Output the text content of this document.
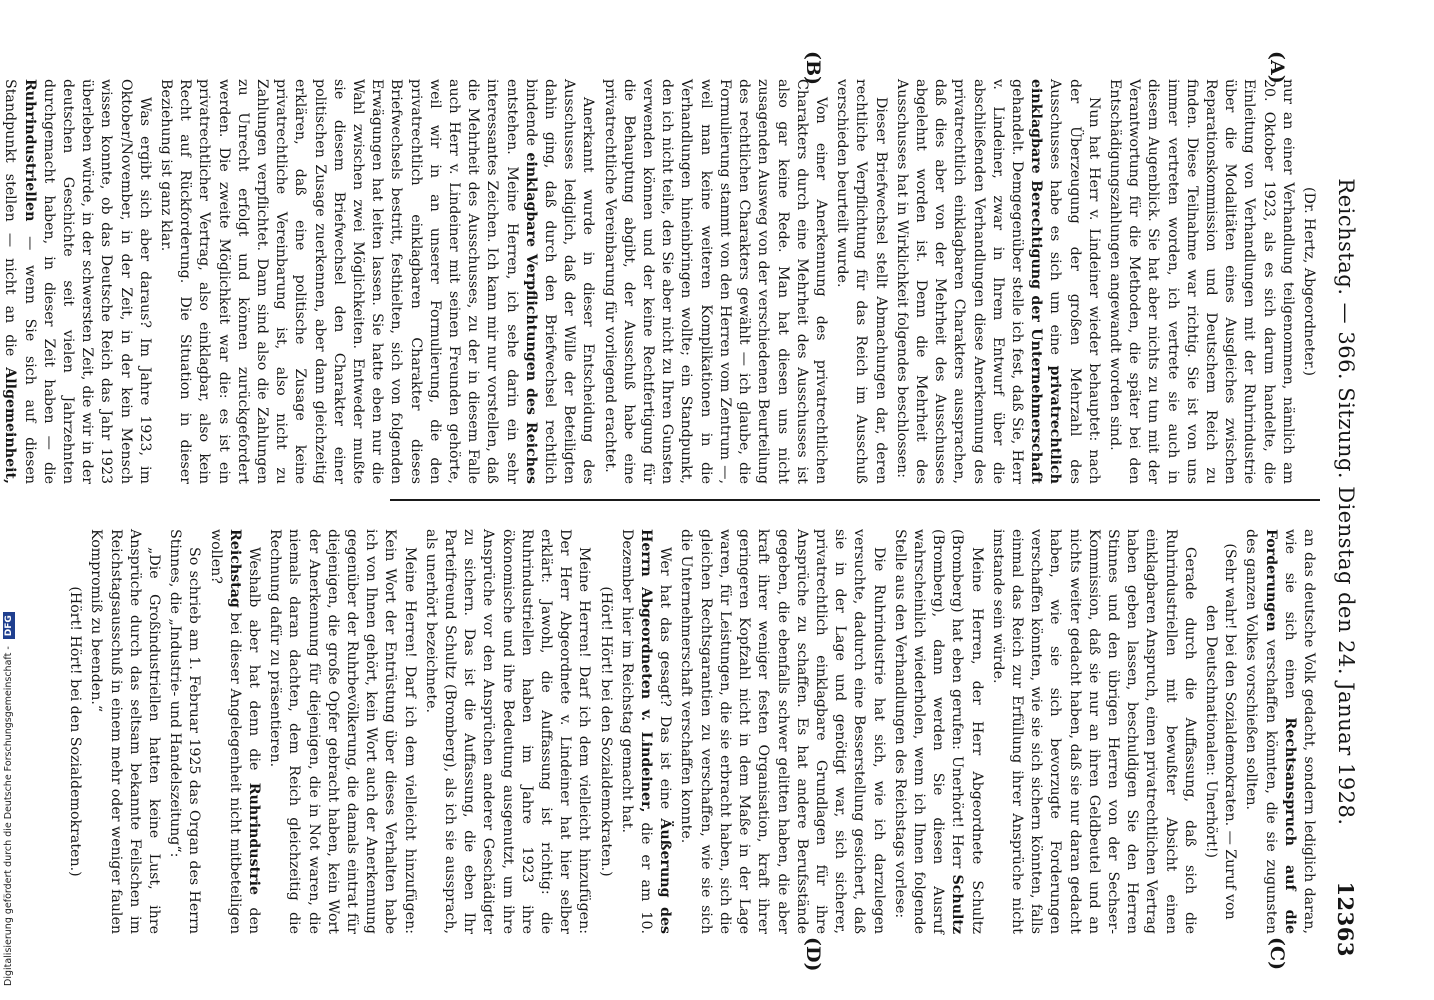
Reichstag. — 366. Sitzung. Dienstag den 24. Januar 1928.
12363
(A)
(B)
(C)
(D)

(Dr. Hertz, Abgeordneter.)

nur an einer Verhandlung teilgenommen, nämlich am 20. Oktober 1923, als es sich darum handelte, die Einleitung von Verhandlungen mit der Ruhrindustrie über die Modalitäten eines Ausgleiches zwischen Reparationskommission und Deutschem Reich zu finden. Diese Teilnahme war richtig. Sie ist von uns immer vertreten worden, ich vertrete sie auch in diesem Augenblick. Sie hat aber nichts zu tun mit der Verantwortung für die Methoden, die später bei den Entschädigungszahlungen angewandt worden sind.

Nun hat Herr v. Lindeiner wieder behauptet: nach der Überzeugung der großen Mehrzahl des Ausschusses habe es sich um eine privatrechtlich einklagbare Berechtigung der Unternehmerschaft gehandelt. Demgegenüber stelle ich fest, daß Sie, Herr v. Lindeiner, zwar in Ihrem Entwurf über die abschließenden Verhandlungen diese Anerkennung des privatrechtlich einklagbaren Charakters aussprachen, daß dies aber von der Mehrheit des Ausschusses abgelehnt worden ist. Denn die Mehrheit des Ausschusses hat in Wirklichkeit folgendes beschlossen:

Dieser Briefwechsel stellt Abmachungen dar, deren rechtliche Verpflichtung für das Reich im Ausschuß verschieden beurteilt wurde.

Von einer Anerkennung des privatrechtlichen Charakters durch eine Mehrheit des Ausschusses ist also gar keine Rede. Man hat diesen uns nicht zusagenden Ausweg von der verschiedenen Beurteilung des rechtlichen Charakters gewählt — ich glaube, die Formulierung stammt von den Herren vom Zentrum —, weil man keine weiteren Komplikationen in die Verhandlungen hineinbringen wollte; ein Standpunkt, den ich nicht teile, den Sie aber nicht zu Ihren Gunsten verwenden können und der keine Rechtfertigung für die Behauptung abgibt, der Ausschuß habe eine privatrechtliche Vereinbarung für vorliegend erachtet.

Anerkannt wurde in dieser Entscheidung des Ausschusses lediglich, daß der Wille der Beteiligten dahin ging, daß durch den Briefwechsel rechtlich bindende einklagbare Verpflichtungen des Reiches entstehen. Meine Herren, ich sehe darin ein sehr interessantes Zeichen. Ich kann mir nur vorstellen, daß die Mehrheit des Ausschusses, zu der in diesem Falle auch Herr v. Lindeiner mit seinen Freunden gehörte, weil wir in an unserer Formulierung, die den privatrechtlich einklagbaren Charakter dieses Briefwechsels bestritt, festhielten, sich von folgenden Erwägungen hat leiten lassen. Sie hatte eben nur die Wahl zwischen zwei Möglichkeiten. Entweder mußte sie diesem Briefwechsel den Charakter einer politischen Zusage zuerkennen, aber dann gleichzeitig erklären, daß eine politische Zusage keine privatrechtliche Vereinbarung ist, also nicht zu Zahlungen verpflichtet. Dann sind also die Zahlungen zu Unrecht erfolgt und können zurückgefordert werden. Die zweite Möglichkeit war die: es ist ein privatrechtlicher Vertrag, also einklagbar, also kein Recht auf Rückforderung. Die Situation in dieser Beziehung ist ganz klar.

Was ergibt sich aber daraus? Im Jahre 1923, im Oktober/November, in der Zeit, in der kein Mensch wissen konnte, ob das Deutsche Reich das Jahr 1923 überleben würde, in der schwersten Zeit, die wir in der deutschen Geschichte seit vielen Jahrzehnten durchgemacht haben, in dieser Zeit haben — die Ruhrindustriellen — wenn Sie sich auf diesen Standpunkt stellen — nicht an die Allgemeinheit,

an das deutsche Volk gedacht, sondern lediglich daran, wie sie sich einen Rechtsanspruch auf die Forderungen verschaffen könnten, die sie zugunsten des ganzen Volkes vorschießen sollten.

(Sehr wahr! bei den Sozialdemokraten. — Zuruf von den Deutschnationalen: Unerhört!)

Gerade durch die Auffassung, daß sich die Ruhrindustriellen mit bewußter Absicht einen einklagbaren Anspruch, einen privatrechtlichen Vertrag haben geben lassen, beschuldigen Sie den Herren Stinnes und den übrigen Herren von der Sechser-Kommission, daß sie nur an ihren Geldbeutel und an nichts weiter gedacht haben, daß sie nur daran gedacht haben, wie sie sich bevorzugte Forderungen verschaffen könnten, wie sie sich sichern könnten, falls einmal das Reich zur Erfüllung ihrer Ansprüche nicht imstande sein würde.

Meine Herren, der Herr Abgeordnete Schultz (Bromberg) hat eben gerufen: Unerhört! Herr Schultz (Bromberg), dann werden Sie diesen Ausruf wahrscheinlich wiederholen, wenn ich Ihnen folgende Stelle aus den Verhandlungen des Reichstags vorlese:

Die Ruhrindustrie hat sich, wie ich darzulegen versuchte, dadurch eine Besserstellung gesichert, daß sie in der Lage und genötigt war, sich sicherer, privatrechtlich einklagbare Grundlagen für ihre Ansprüche zu schaffen. Es hat andere Berufsstände gegeben, die ebenfalls schwer gelitten haben, die aber kraft ihrer weniger festen Organisation, kraft ihrer geringeren Kopfzahl nicht in dem Maße in der Lage waren, für Leistungen, die sie erbracht haben, sich die gleichen Rechtsgarantien zu verschaffen, wie sie sich die Unternehmerschaft verschaffen konnte.

Wer hat das gesagt? Das ist eine Äußerung des Herrn Abgeordneten v. Lindeiner, die er am 10. Dezember hier im Reichstag gemacht hat.

(Hört! Hört! bei den Sozialdemokraten.)

Meine Herren! Darf ich dem vielleicht hinzufügen: Der Herr Abgeordnete v. Lindeiner hat hier selber erklärt: Jawohl, die Auffassung ist richtig: die Ruhrindustriellen haben im Jahre 1923 ihre ökonomische und ihre Bedeutung ausgenutzt, um ihre Ansprüche vor den Ansprüchen anderer Geschädigter zu sichern. Das ist die Auffassung, die eben Ihr Parteifreund Schultz (Bromberg), als ich sie aussprach, als unerhört bezeichnete.

Meine Herren! Darf ich dem vielleicht hinzufügen: Kein Wort der Entrüstung über dieses Verhalten habe ich von Ihnen gehört, kein Wort auch der Anerkennung gegenüber der Ruhrbevölkerung, die damals eintrat für diejenigen, die große Opfer gebracht haben, kein Wort der Anerkennung für diejenigen, die in Not waren, die niemals daran dachten, dem Reich gleichzeitig die Rechnung dafür zu präsentieren.

Weshalb aber hat denn die Ruhrindustrie den Reichstag bei dieser Angelegenheit nicht mitbeteiligen wollen?

So schrieb am 1. Februar 1925 das Organ des Herrn Stinnes, die „Industrie- und Handelszeitung“:

„Die Großindustriellen hatten keine Lust, ihre Ansprüche durch das seltsam bekannte Feilschen im Reichstagsausschuß in einem mehr oder weniger faulen Kompromiß zu beenden.“

(Hört! Hört! bei den Sozialdemokraten.)

Digitalisierung gefördert durch die Deutsche Forschungsgemeinschaft - DFG
